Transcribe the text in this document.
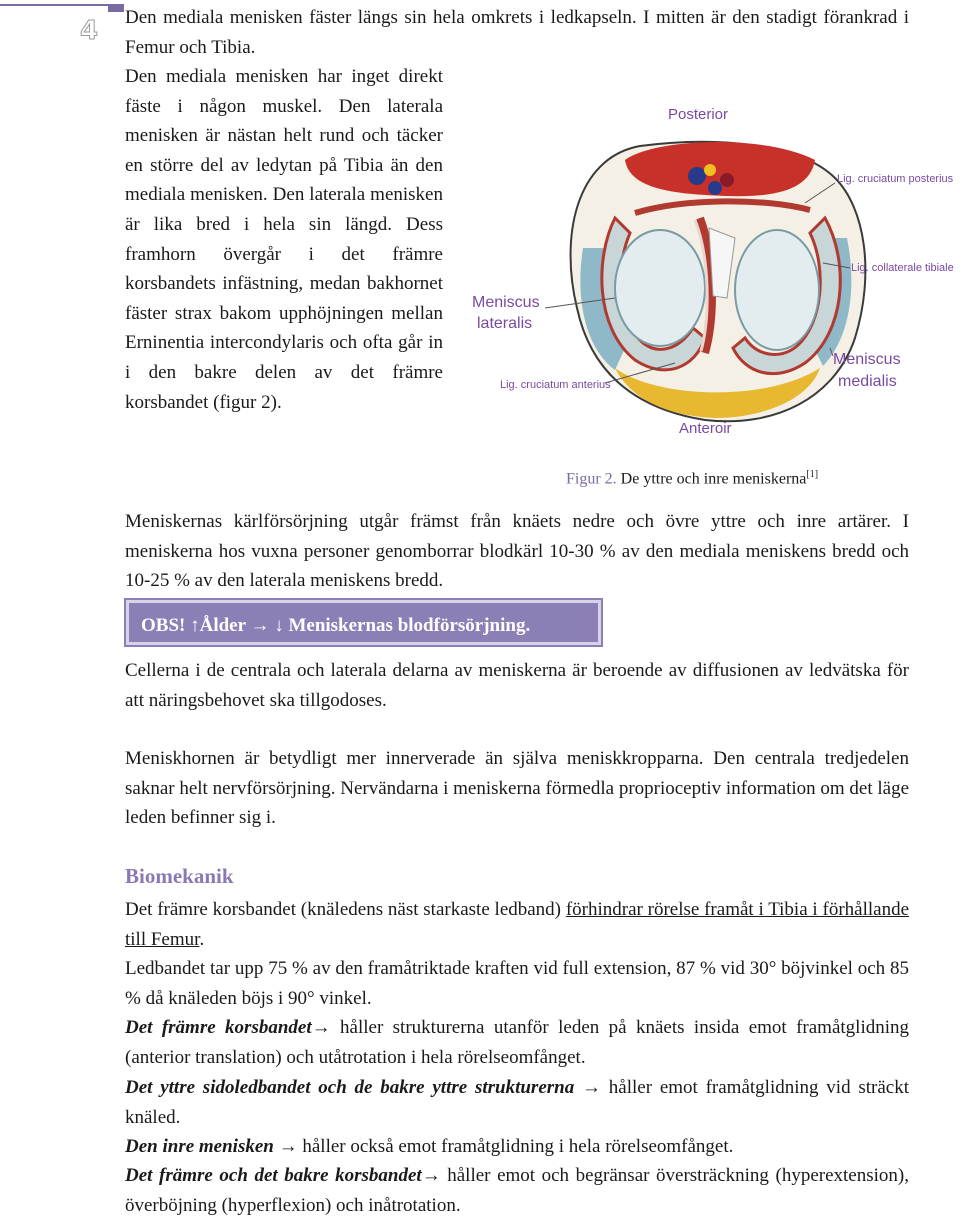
4 Den mediala menisken fäster längs sin hela omkrets i ledkapseln. I mitten är den stadigt förankrad i Femur och Tibia.
Den mediala menisken har inget direkt fäste i någon muskel. Den laterala menisken är nästan helt rund och täcker en större del av ledytan på Tibia än den mediala menisken. Den laterala menisken är lika bred i hela sin längd. Dess framhorn övergår i det främre korsbandets infästning, medan bakhornet fäster strax bakom upphöjningen mellan Erninentia intercondylaris och ofta går in i den bakre delen av det främre korsbandet (figur 2).
Posterior
Lig. cruciatum posterius
Lig. collaterale tibiale
Meniscus
lateralis
Meniscus
medialis
Lig. cruciatum anterius
Anteroir
Figur 2. De yttre och inre meniskerna[1]
Meniskernas kärlförsörjning utgår främst från knäets nedre och övre yttre och inre artärer. I meniskerna hos vuxna personer genomborrar blodkärl 10-30 % av den mediala meniskens bredd och 10-25 % av den laterala meniskens bredd.
OBS! ↑Ålder → ↓ Meniskernas blodförsörjning.
Cellerna i de centrala och laterala delarna av meniskerna är beroende av diffusionen av ledvätska för att näringsbehovet ska tillgodoses.
Meniskhornen är betydligt mer innerverade än själva meniskkropparna. Den centrala tredjedelen saknar helt nervförsörjning. Nervändarna i meniskerna förmedla proprioceptiv information om det läge leden befinner sig i.
Biomekanik
Det främre korsbandet (knäledens näst starkaste ledband) förhindrar rörelse framåt i Tibia i förhållande till Femur.
Ledbandet tar upp 75 % av den framåtriktade kraften vid full extension, 87 % vid 30° böjvinkel och 85 % då knäleden böjs i 90° vinkel.
Det främre korsbandet→ håller strukturerna utanför leden på knäets insida emot framåtglidning (anterior translation) och utåtrotation i hela rörelseomfånget.
Det yttre sidoledbandet och de bakre yttre strukturerna → håller emot framåtglidning vid sträckt knäled.
Den inre menisken → håller också emot framåtglidning i hela rörelseomfånget.
Det främre och det bakre korsbandet→ håller emot och begränsar översträckning (hyperextension), överböjning (hyperflexion) och inåtrotation.
